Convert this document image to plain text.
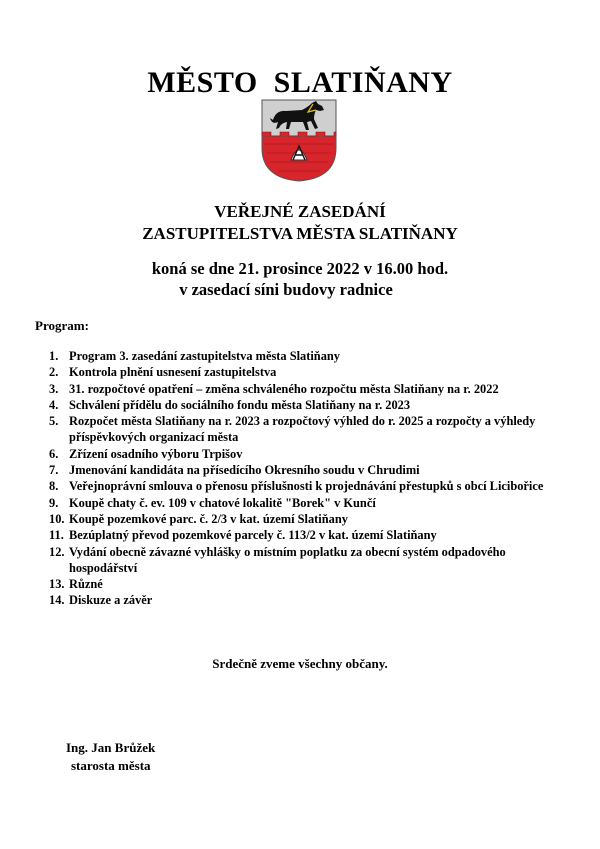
MĚSTO  SLATIŇANY
VEŘEJNÉ ZASEDÁNÍ
ZASTUPITELSTVA MĚSTA SLATIŇANY
koná se dne 21. prosince 2022 v 16.00 hod.
v zasedací síni budovy radnice
Program:
1. Program 3. zasedání zastupitelstva města Slatiňany
2. Kontrola plnění usnesení zastupitelstva
3. 31. rozpočtové opatření – změna schváleného rozpočtu města Slatiňany na r. 2022
4. Schválení přídělu do sociálního fondu města Slatiňany na r. 2023
5. Rozpočet města Slatiňany na r. 2023 a rozpočtový výhled do r. 2025 a rozpočty a výhledy příspěvkových organizací města
6. Zřízení osadního výboru Trpišov
7. Jmenování kandidáta na přísedícího Okresního soudu v Chrudimi
8. Veřejnoprávní smlouva o přenosu příslušnosti k projednávání přestupků s obcí Licibořice
9. Koupě chaty č. ev. 109 v chatové lokalitě "Borek" v Kunčí
10. Koupě pozemkové parc. č. 2/3 v kat. území Slatiňany
11. Bezúplatný převod pozemkové parcely č. 113/2 v kat. území Slatiňany
12. Vydání obecně závazné vyhlášky o místním poplatku za obecní systém odpadového hospodářství
13. Různé
14. Diskuze a závěr
Srdečně zveme všechny občany.
Ing. Jan Brůžek
starosta města
